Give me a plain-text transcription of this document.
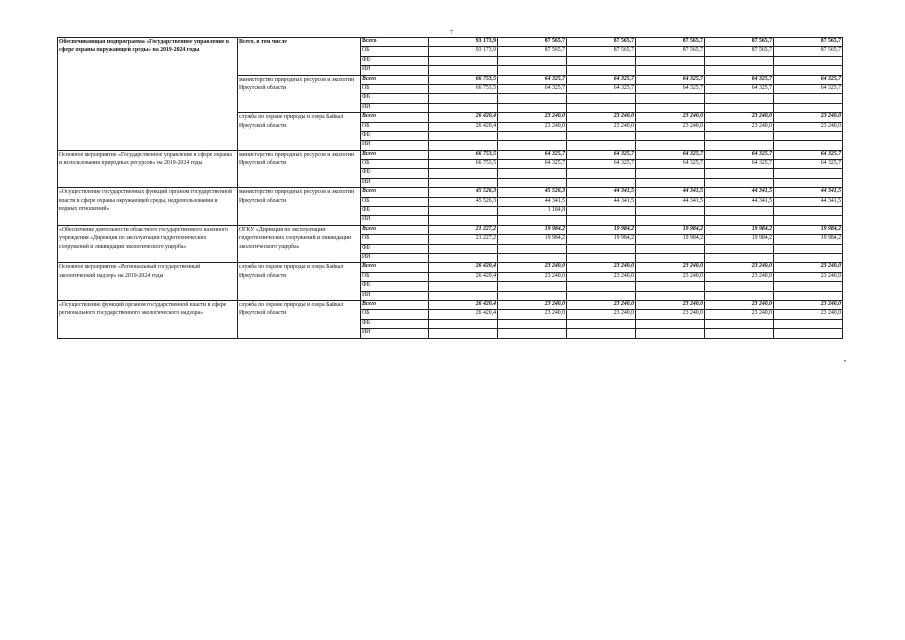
7
Обеспечивающая подпрограмма «Государственное управление в сфере охраны окружающей среды» на 2019-2024 годы	Всего, в том числе	Всего	93 173,9	87 565,7	87 565,7	87 565,7	87 565,7	87 565,7
		ОБ	93 173,9	87 565,7	87 565,7	87 565,7	87 565,7	87 565,7
		ФБ						
		ИИ						
	министерство природных ресурсов и экологии Иркутской области	Всего	66 753,5	64 325,7	64 325,7	64 325,7	64 325,7	64 325,7
		ОБ	66 753,5	64 325,7	64 325,7	64 325,7	64 325,7	64 325,7
		ФБ						
		ИИ						
	служба по охране природы и озера Байкал Иркутской области	Всего	26 420,4	23 240,0	23 240,0	23 240,0	23 240,0	23 240,0
		ОБ	26 420,4	23 240,0	23 240,0	23 240,0	23 240,0	23 240,0
		ФБ						
		ИИ						
Основное мероприятие «Государственное управление в сфере охраны и использования природных ресурсов» на 2019-2024 годы	министерство природных ресурсов и экологии Иркутской области	Всего	66 753,5	64 325,7	64 325,7	64 325,7	64 325,7	64 325,7
		ОБ	66 753,5	64 325,7	64 325,7	64 325,7	64 325,7	64 325,7
		ФБ						
		ИИ						
«Осуществление государственных функций органом государственной власти в сфере охраны окружающей среды, недропользования и водных отношений»	министерство природных ресурсов и экологии Иркутской области	Всего	45 526,3	45 526,3	44 341,5	44 341,5	44 341,5	44 341,5
		ОБ	45 526,3	44 341,5	44 341,5	44 341,5	44 341,5	44 341,5
		ФБ		1 184,8				
		ИИ						
«Обеспечение деятельности областного государственного казенного учреждения «Дирекция по эксплуатации гидротехнических сооружений и ликвидации экологического ущерба»	ОГКУ «Дирекция по эксплуатации гидротехнических сооружений и ликвидации экологического ущерба»	Всего	21 227,2	19 984,2	19 984,2	19 984,2	19 984,2	19 984,2
		ОБ	21 227,2	19 984,2	19 984,2	19 984,2	19 984,2	19 984,2
		ФБ						
		ИИ						
Основное мероприятие «Региональный государственный экологический надзор» на 2019-2024 годы	служба по охране природы и озера Байкал Иркутской области	Всего	26 420,4	23 240,0	23 240,0	23 240,0	23 240,0	23 240,0
		ОБ	26 420,4	23 240,0	23 240,0	23 240,0	23 240,0	23 240,0
		ФБ						
		ИИ						
«Осуществление функций органом государственной власти в сфере регионального государственного экологического надзора»	служба по охране природы и озера Байкал Иркутской области	Всего	26 420,4	23 240,0	23 240,0	23 240,0	23 240,0	23 240,0
		ОБ	26 420,4	23 240,0	23 240,0	23 240,0	23 240,0	23 240,0
		ФБ						
		ИИ						
•
